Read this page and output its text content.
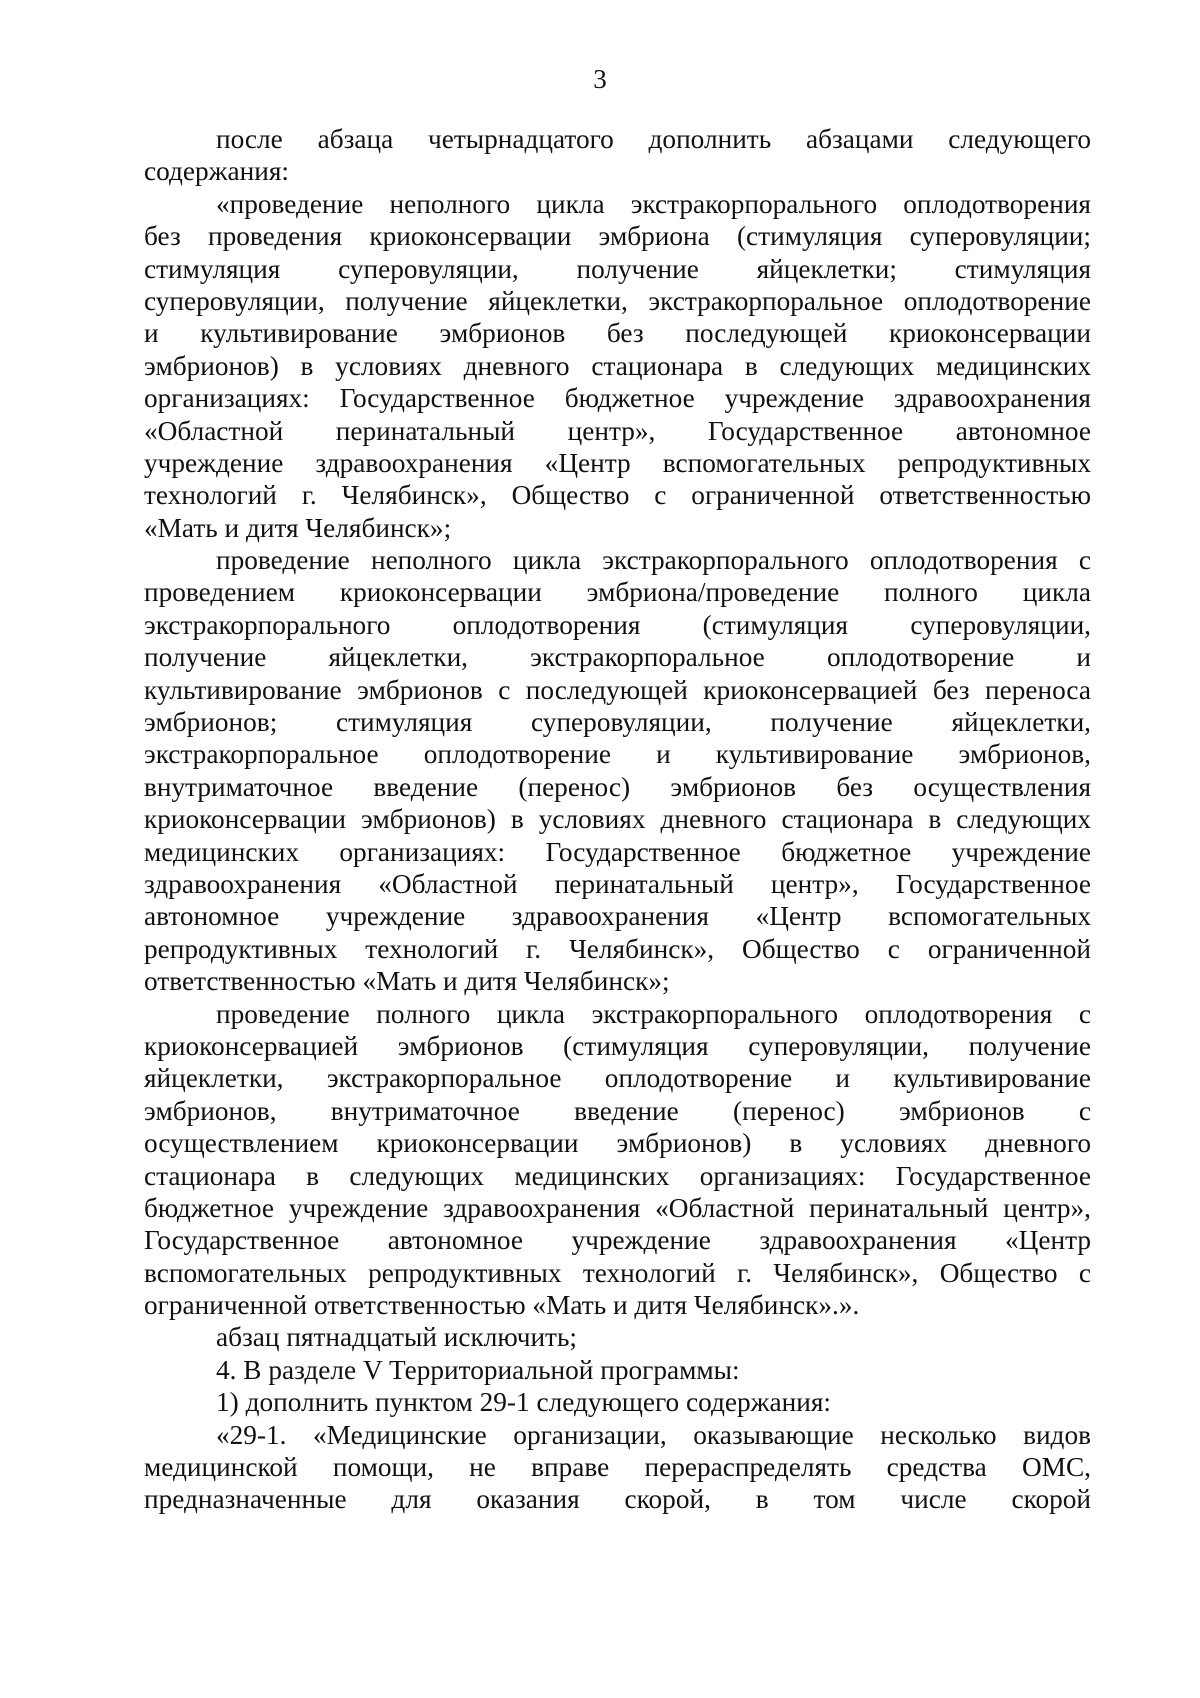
3
после абзаца четырнадцатого дополнить абзацами следующего
содержания:
«проведение неполного цикла экстракорпорального оплодотворения
без проведения криоконсервации эмбриона (стимуляция суперовуляции;
стимуляция суперовуляции, получение яйцеклетки; стимуляция
суперовуляции, получение яйцеклетки, экстракорпоральное оплодотворение
и культивирование эмбрионов без последующей криоконсервации
эмбрионов) в условиях дневного стационара в следующих медицинских
организациях: Государственное бюджетное учреждение здравоохранения
«Областной перинатальный центр», Государственное автономное
учреждение здравоохранения «Центр вспомогательных репродуктивных
технологий г. Челябинск», Общество с ограниченной ответственностью
«Мать и дитя Челябинск»;
проведение неполного цикла экстракорпорального оплодотворения с
проведением криоконсервации эмбриона/проведение полного цикла
экстракорпорального оплодотворения (стимуляция суперовуляции,
получение яйцеклетки, экстракорпоральное оплодотворение и
культивирование эмбрионов с последующей криоконсервацией без переноса
эмбрионов; стимуляция суперовуляции, получение яйцеклетки,
экстракорпоральное оплодотворение и культивирование эмбрионов,
внутриматочное введение (перенос) эмбрионов без осуществления
криоконсервации эмбрионов) в условиях дневного стационара в следующих
медицинских организациях: Государственное бюджетное учреждение
здравоохранения «Областной перинатальный центр», Государственное
автономное учреждение здравоохранения «Центр вспомогательных
репродуктивных технологий г. Челябинск», Общество с ограниченной
ответственностью «Мать и дитя Челябинск»;
проведение полного цикла экстракорпорального оплодотворения с
криоконсервацией эмбрионов (стимуляция суперовуляции, получение
яйцеклетки, экстракорпоральное оплодотворение и культивирование
эмбрионов, внутриматочное введение (перенос) эмбрионов с
осуществлением криоконсервации эмбрионов) в условиях дневного
стационара в следующих медицинских организациях: Государственное
бюджетное учреждение здравоохранения «Областной перинатальный центр»,
Государственное автономное учреждение здравоохранения «Центр
вспомогательных репродуктивных технологий г. Челябинск», Общество с
ограниченной ответственностью «Мать и дитя Челябинск».».
абзац пятнадцатый исключить;
4. В разделе V Территориальной программы:
1) дополнить пунктом 29-1 следующего содержания:
«29-1. «Медицинские организации, оказывающие несколько видов
медицинской помощи, не вправе перераспределять средства ОМС,
предназначенные для оказания скорой, в том числе скорой
